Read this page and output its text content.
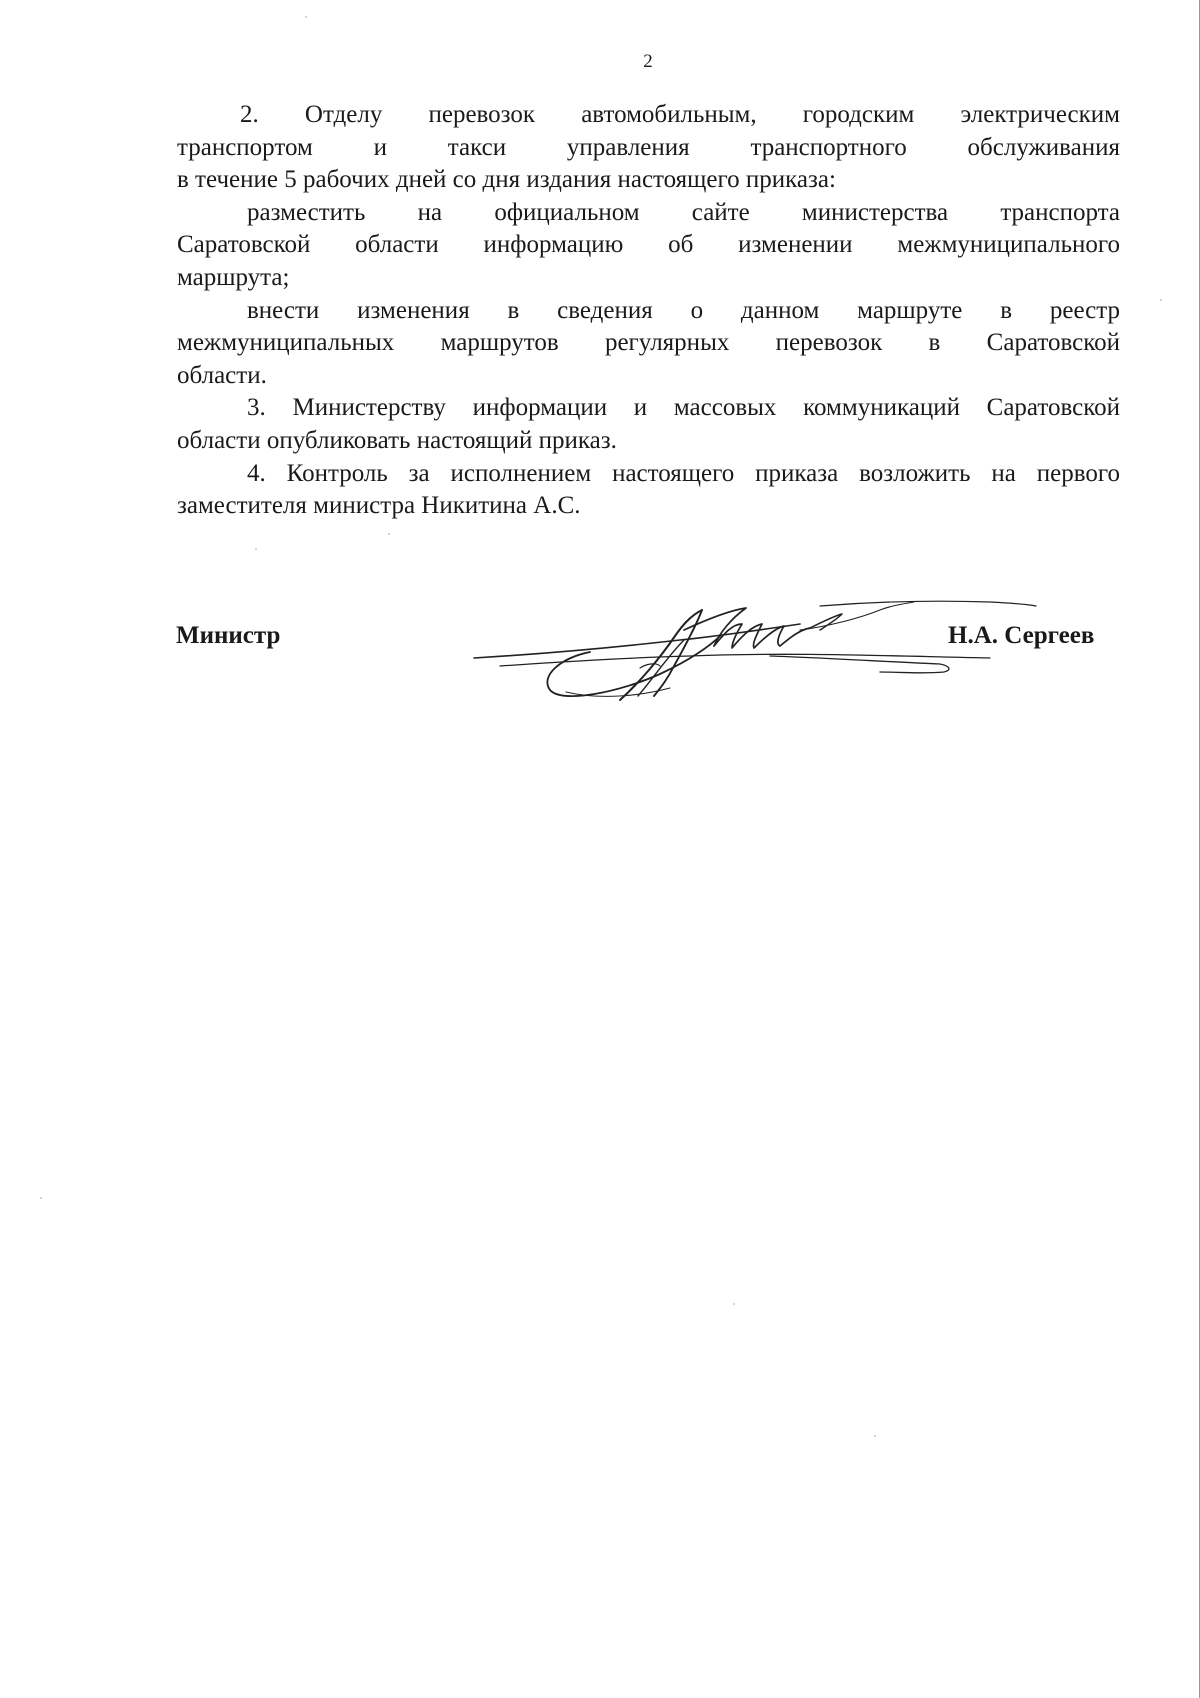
2
2. Отделу перевозок автомобильным, городским электрическим
транспортом и такси управления транспортного обслуживания
в течение 5 рабочих дней со дня издания настоящего приказа:
разместить на официальном сайте министерства транспорта
Саратовской области информацию об изменении межмуниципального
маршрута;
внести изменения в сведения о данном маршруте в реестр
межмуниципальных маршрутов регулярных перевозок в Саратовской
области.
3. Министерству информации и массовых коммуникаций Саратовской
области опубликовать настоящий приказ.
4. Контроль за исполнением настоящего приказа возложить на первого
заместителя министра Никитина А.С.
Министр	Н.А. Сергеев
